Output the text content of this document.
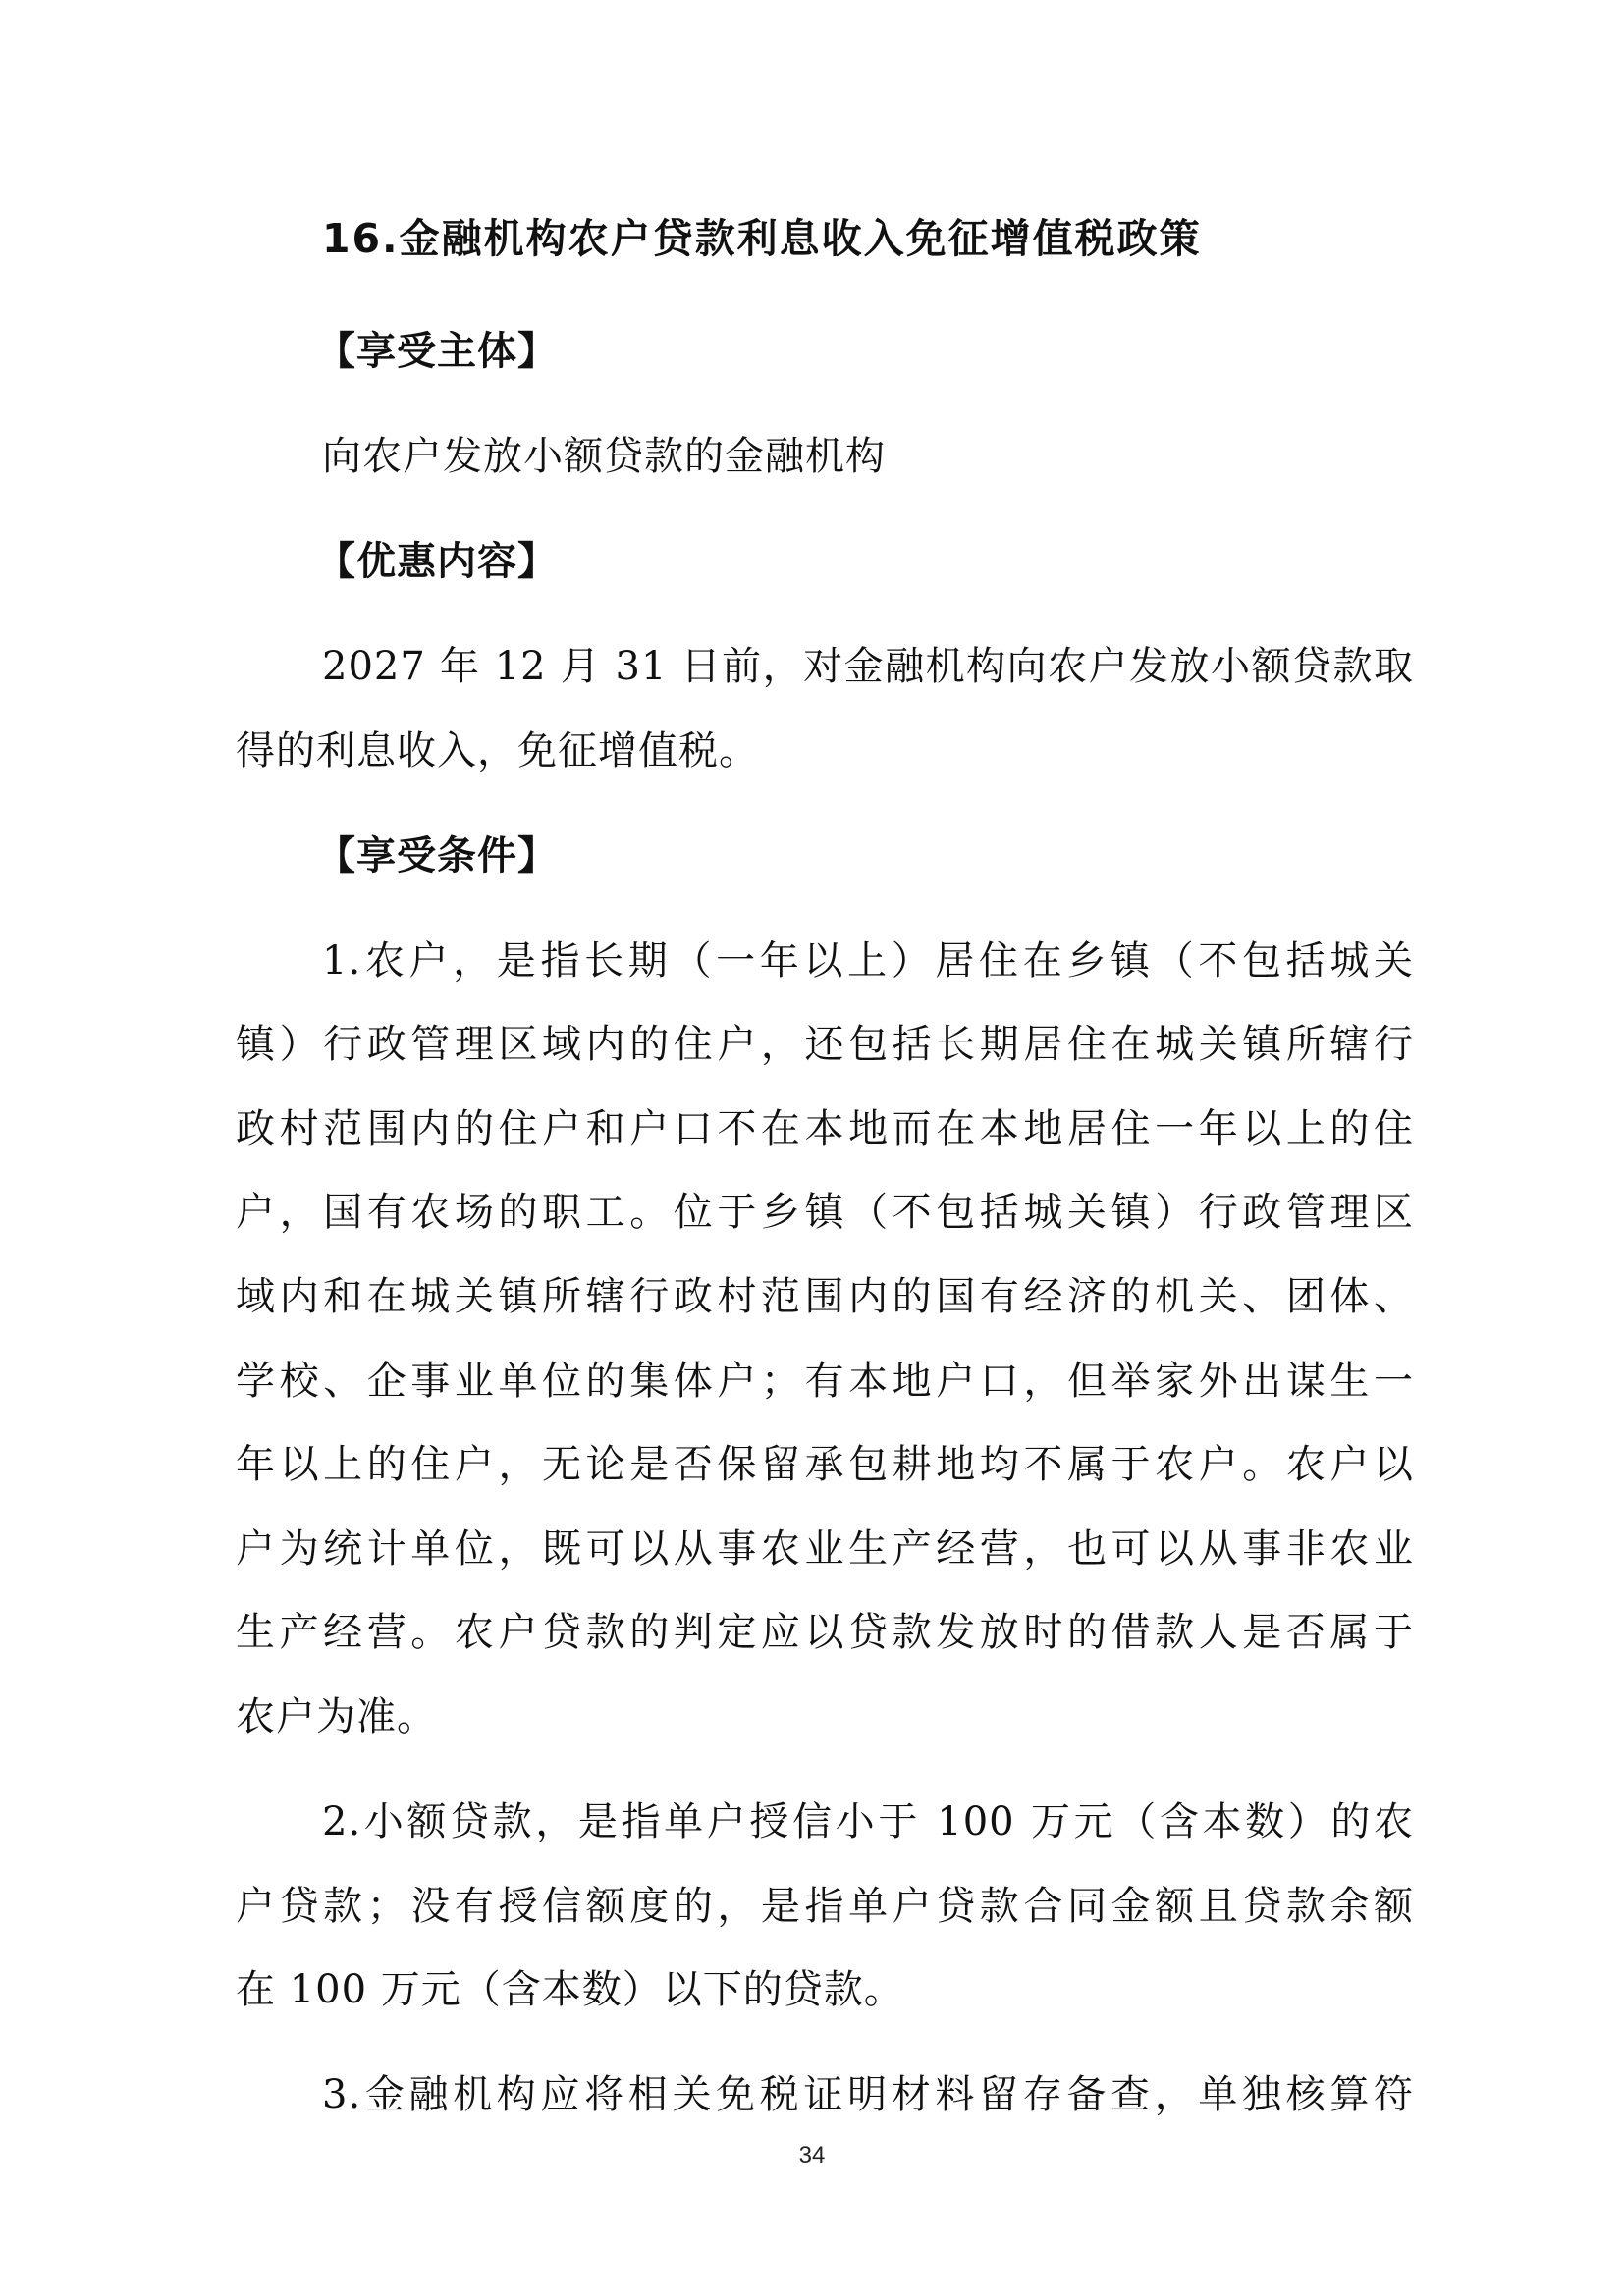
16.金融机构农户贷款利息收入免征增值税政策

【享受主体】

向农户发放小额贷款的金融机构

【优惠内容】

2027 年 12 月 31 日前，对金融机构向农户发放小额贷款取

得的利息收入，免征增值税。

【享受条件】

1.农户，是指长期（一年以上）居住在乡镇（不包括城关

镇）行政管理区域内的住户，还包括长期居住在城关镇所辖行

政村范围内的住户和户口不在本地而在本地居住一年以上的住

户，国有农场的职工。位于乡镇（不包括城关镇）行政管理区

域内和在城关镇所辖行政村范围内的国有经济的机关、团体、

学校、企事业单位的集体户；有本地户口，但举家外出谋生一

年以上的住户，无论是否保留承包耕地均不属于农户。农户以

户为统计单位，既可以从事农业生产经营，也可以从事非农业

生产经营。农户贷款的判定应以贷款发放时的借款人是否属于

农户为准。

2.小额贷款，是指单户授信小于 100 万元（含本数）的农

户贷款；没有授信额度的，是指单户贷款合同金额且贷款余额

在 100 万元（含本数）以下的贷款。

3.金融机构应将相关免税证明材料留存备查，单独核算符

34
